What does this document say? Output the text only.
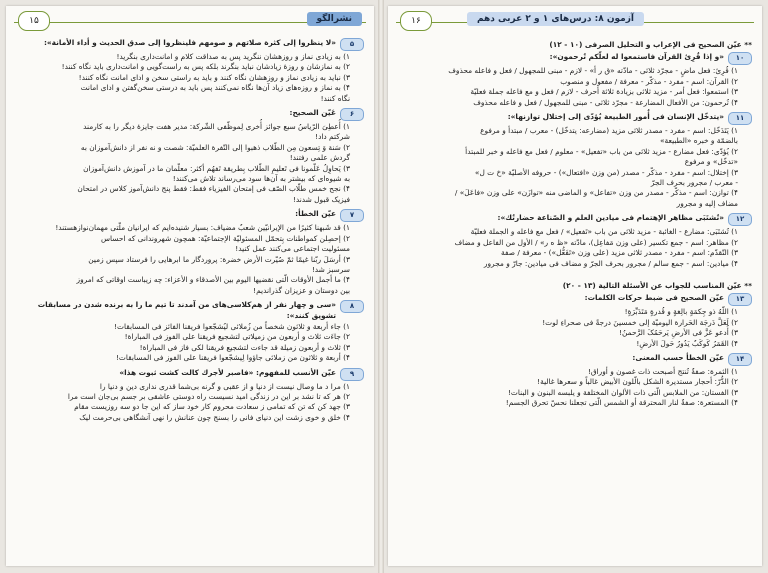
۱۵	نشرالگو
۵
«لا ینظروا إلی کثرة صلاتهم و صومهم فلینظروا إلی صدق الحدیث و أداء الأمانة»:
۱) به زیادی نماز و روزهشان ننگرید پس به صداقت کلام و امانت‌داری بنگرید!
۲) به نمازشان و روزهٔ زیادشان نباید بنگرند بلکه پس به راست‌گویی و امانت‌داری باید نگاه کنند!
۳) نباید به زیادی نماز و روزهشان نگاه کنند و باید به راستی سخن و ادای امانت نگاه کنند!
۴) به نماز و روزه‌های زیاد آن‌ها نگاه نمی‌کنند پس باید به درستی سخن‌گفتن و ادای امانت
نگاه کنند!
۶
عَیّن الصحیح:
۱) أُعطِیَ الرّیاسُ سبع جوائز أُخری لِموظّفی الشّرکة: مدیر هفت جایزهٔ دیگر را به کارمند
شرکتم داد!
۲) سَنة وَ تِسعون مِن الطّلاب ذهبوا إلی التّفرة العلمیّة: شصت و نه نفر از دانش‌آموزان به
گردش علمی رفتند!
۳) یَحاوِلُ عَلّمونا فی تَعلیمِ الطّلاب بِطریقة تَفهُم أکثر: معلّمان ما در آموزش دانش‌آموزان
به شیوه‌ای که بیشتر به آن‌ها سود می‌رساند تلاش می‌کنند!
۴) نجح خمس طلّاب الصّف فی إمتحان الفیزیاء فقط: فقط پنج دانش‌آموز کلاس در امتحان
فیزیک قبول شدند!
۷
عیّن الخطأ:
۱) قد شَبهنا کثیرًا من الإیرانیّین شعبٌ مضیاف: بسیار شنیده‌ایم که ایرانیان ملّتی مهمان‌نوازهستند!
۲) إحصِلن کمواطنات بِتحمّل المسئولیّة الإجتماعیّة: همچون شهروندانی که احساس
مسئولیت اجتماعی می‌کنند عمل کنید!
۳) أرسَلَ ربّنا غیمًا ثمّ صُیّرت الأرض خضرة: پروردگار ما ابرهایی را فرستاد سپس زمین
سرسبز شد!
۴) ما أجمل الأوقات الّتی نقضیها الیوم بین الأصدقاء و الأعزاء: چه زیباست اوقاتی که امروز
بین دوستان و عزیزان گذراندیم!
۸
«سی و چهار نفر از هم‌کلاسی‌های من آمدند تا تیم ما را به برنده شدن در مسابقات تشویق کنند»:
۱) جاء أربعة و ثلاثون شخصاً من زُملائی لیُشجّعوا فریقنا الفائز فی المسابقات!
۲) جاءَت ثلاث و أربعون من زمیلاتی لتشجیع فریقنا علی الفوز فی المباراة!
۳) ثلاث و أربعون زمیلة قد جاءت لتشجیع فریقنا لکی فاز فی المباراة!
۴) أربعة و ثلاثون من زملائی جاؤوا لِیشجّعوا فریقنا علی الفوز فی المسابقات!
۹
عیّن الأنسب للمفهوم: «فاصبر لأجرك کالت کشت ثبوت هذا»
۱) مرا د ما وصال نیست از دنیا و از عقبی و گرنه بی‌شما قدری نداری دین و دنیا را
۲) هر که تا نشد بر این در زندگی امید نسیست راه دوستی عاشقی بر جسم بی‌جان است مرا
۳) جهد کن که تن که تمامی ز سعادت محروم کار خود ساز که این جا دو سه روزیست مقام
۴) خلق و خوی زشت این دنیای فانی را بسنج چون عنانش را نهی آنشگاهی بی‌حرمت لیک
۱۶	آزمون ۸: درس‌های ۱ و ۲ عربی دهم
** عیّن الصحیح فی الإعراب و التحلیل الصرفی (۱۰ - ۱۲)
۱۰
«و إذا قُرِئ القرآن فاستمعوا له لعلّکم تُرحمون»:
۱) قُرِئ: فعل ماضٍ - مجرّد ثلاثی - مادّته «ق ر أ» - لازم - مبنی للمجهول / فعل و فاعله محذوف
۲) القرآن: اسم - مفرد - مذکّر - معرفة / مفعول و منصوب
۳) استمعوا: فعل أمر - مزید ثلاثی بزیادة ثلاثة أحرف - لازم / فعل و مع فاعله جملة فعلیّة
۴) تُرحمون: من الأفعال المضارعة - مجرّد ثلاثی - مبنی للمجهول / فعل و فاعله محذوف
۱۱
«یتدخّل الإنسان فی أُمور الطبیعة یُؤدّی إلی إختلال توازنها»:
۱) یَتَدَخّل: اسم - مفرد - مصدر ثلاثی مزید (مضارعه: یتدخّل) - معرب / مبتدأ و مرفوع
بالضمّة و خبره «الطبیعة»
۲) یُؤدّی: فعل مضارع - مزید ثلاثی من باب «تفعیل» - معلوم / فعل مع فاعله و خبر للمبتدأ
«تدخّل» و مرفوع
۳) إختلال: اسم - مفرد - مذکّر - مصدر (من وزن «افتعال») - حروفه الأصلیّة «خ ت ل»
- معرب / مجرور بحرف الجرّ
۴) توازن: اسم - مذکّر - مصدر من وزن «تفاعل» و الماضی منه «توازَن» علی وزن «فاعَلَ» /
مضاف إلیه و مجرور
۱۲
«تُشتَبَی مظاهر الإهتمام فی میادین العلم و الصّناعة حضارتُك»:
۱) تُشتَبَی: مضارع - الغائبة - مزید ثلاثی من باب «تَفعیل» / فعل مع فاعله و الجملة فعلیّة
۲) مظاهر: اسم - جمع تکسیر (علی وزن مَفاعِل)، مادّته «ظ ه ر» / الأول من الفاعل و مضاف
۳) التّقدّم: اسم - مفرد - مصدر ثلاثی مزید (علی وزن «تَفَعُّل») - معرفة / صفة
۴) میادین: اسم - جمع سالم / مجرور بحرف الجرّ و مضاف فی میادین: جارّ و مجرور
** عیّن المناسب للجواب عن الأسئلة التالیة (۱۳ - ۲۰)
۱۳
عیّن الصحیح فی ضبط حرکات الکلمات:
۱) اللّهُ ذو جِکمَةٍ بالِغةٍ و قُدرةٍ مَتَدَبِّرَةٍ!
۲) لَعَلَّ دَرجَة الحَرارة الیومیّة إلی خمسینَ درجةً فی صحراءِ لوت!
۳) أُدعو عَزَّ فی الأرضِ یَرحَمُکَ الرَّحمنُ!
۴) القَمَرُ کَوکَبٌ یَدُورُ حَولَ الأرضِ!
۱۴
عیّن الخطأ حسب المعنی:
۱) الثمرة: صفةٌ تُنتج أصبحت ذات غصون و أوراق!
۲) الدُّرّ: أحجار مستدیرة الشکل بالّلون الأبیض غالباً و سعرها غالیة!
۳) الفستان: من الملابس الّتی ذات الألوان المختلفة و یلبسه البنون و البنات!
۴) المستعرة: صفةٌ لنار المحترقة أو الشمس الّتی تجعلنا نحسّ تحرق الجسم!
